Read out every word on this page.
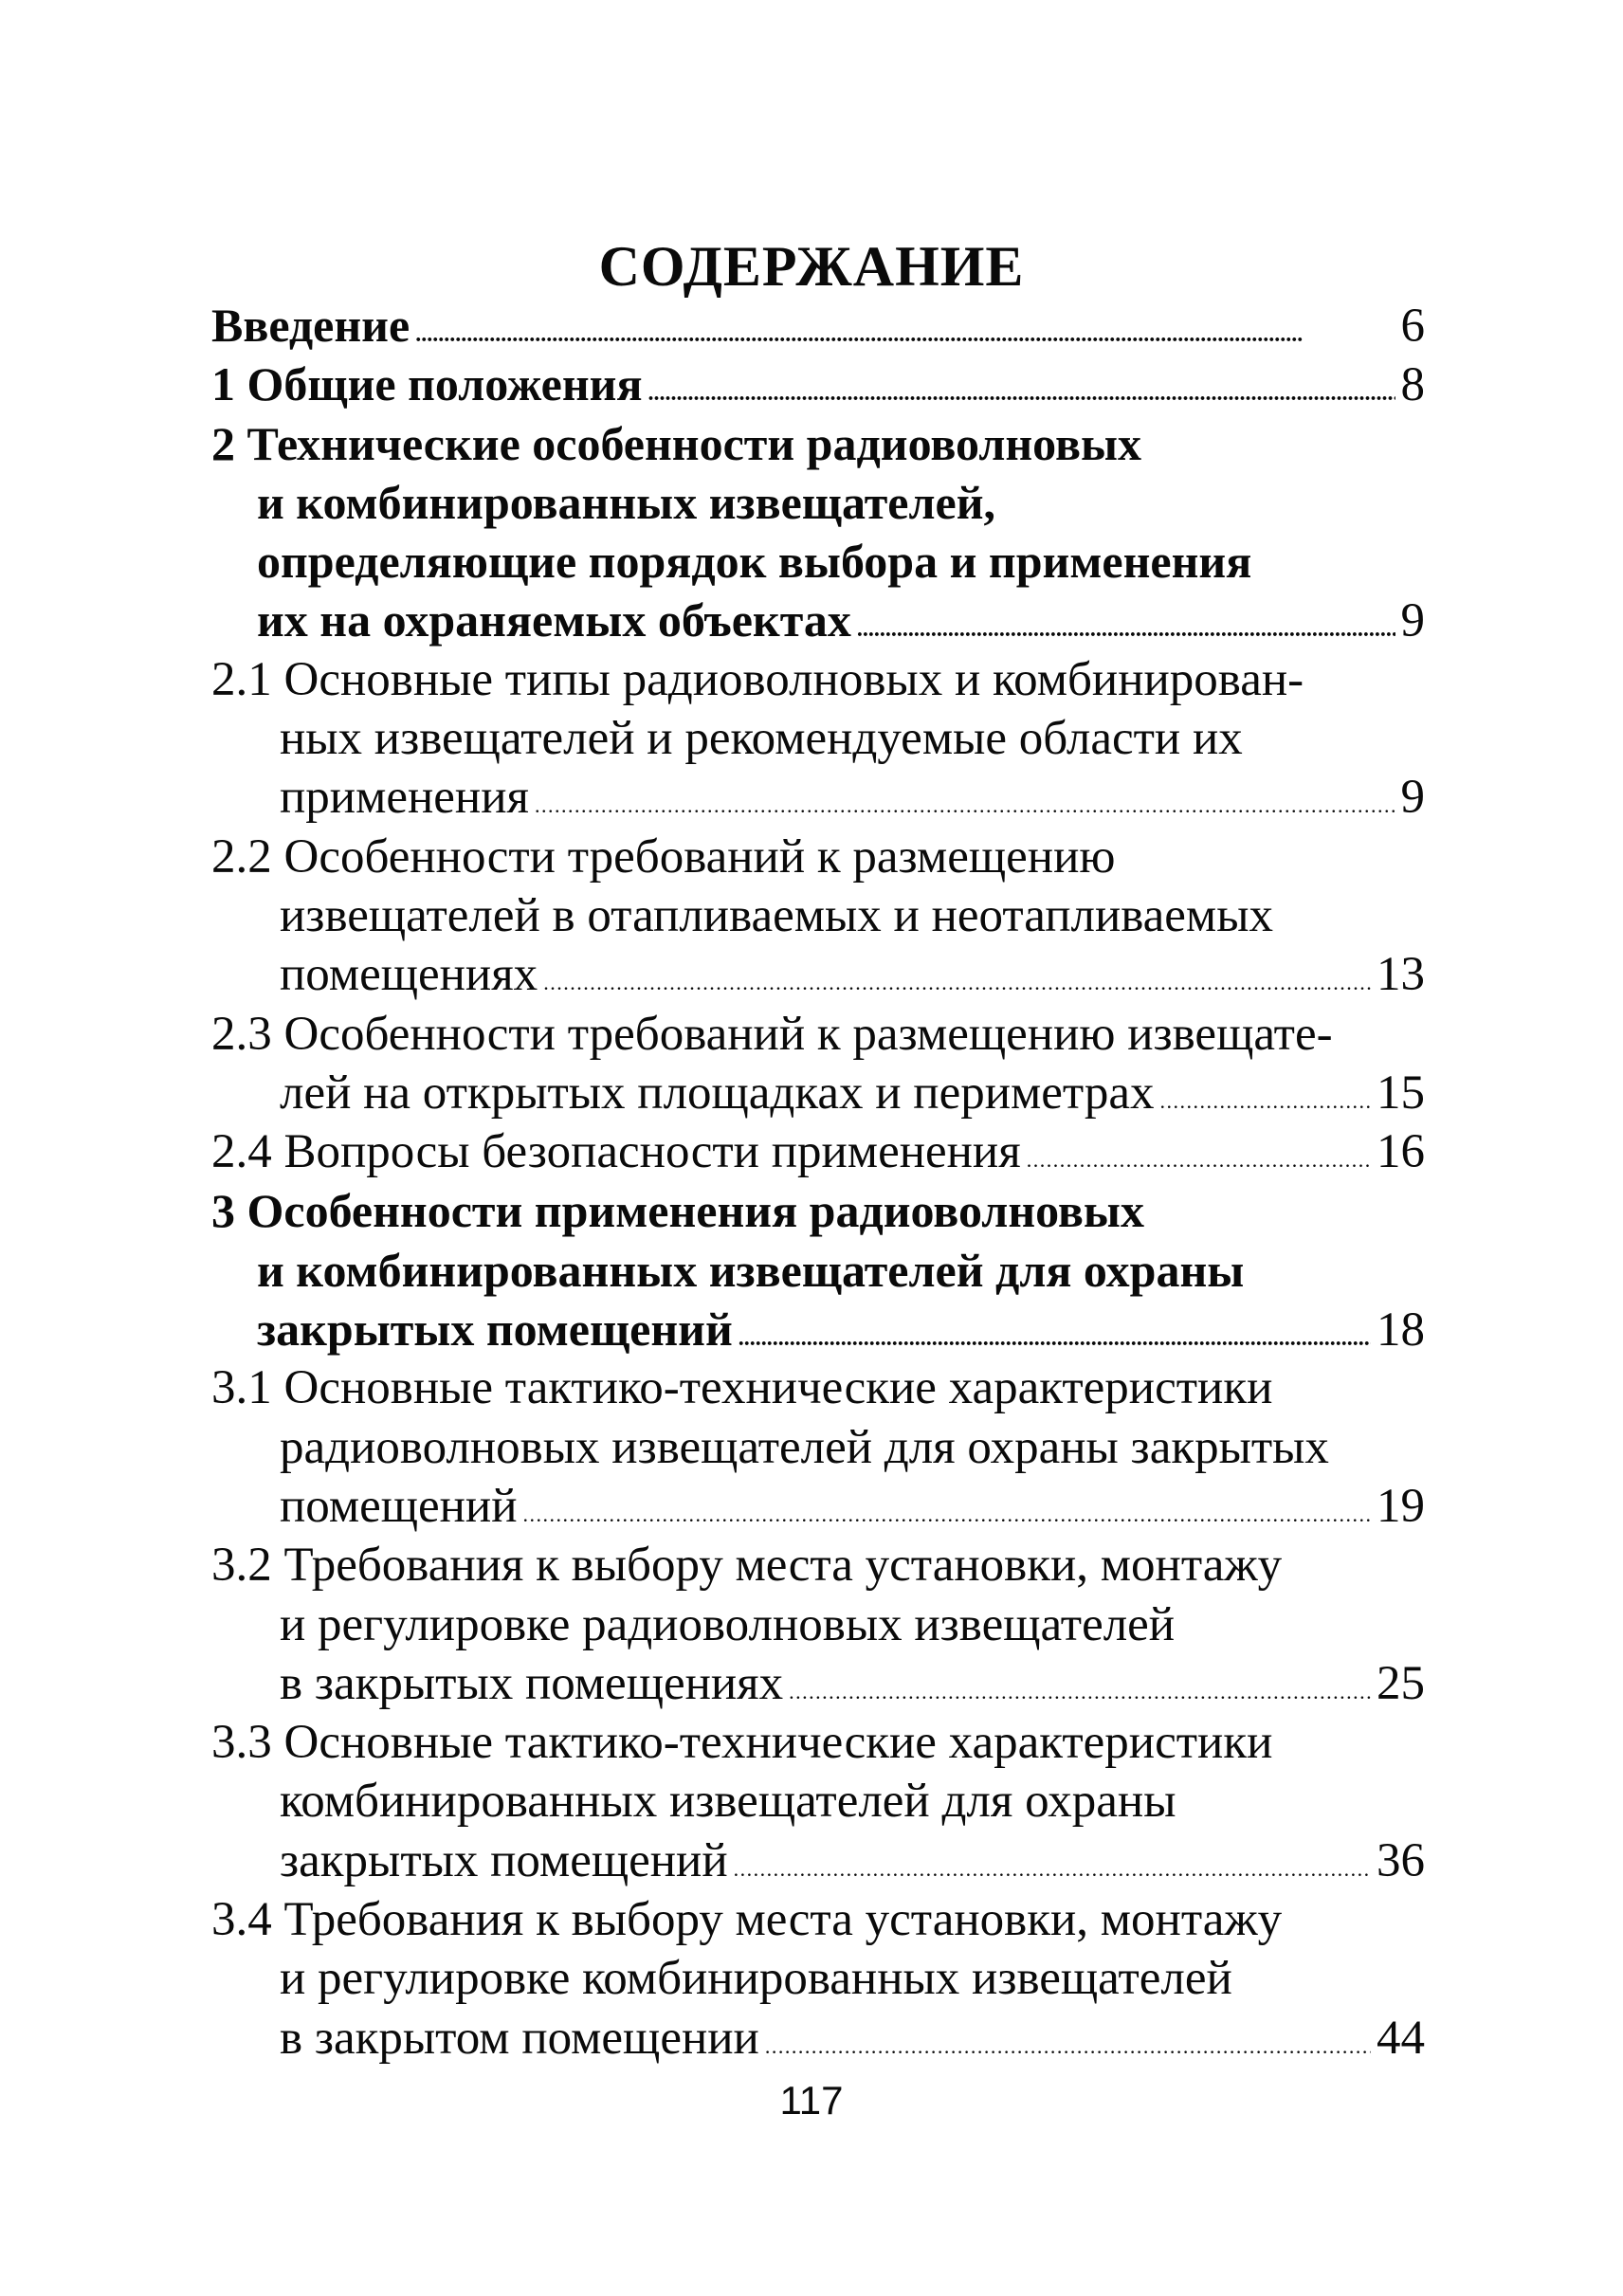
СОДЕРЖАНИЕ
Введение . . .	6
1 Общие положения . . .	8
2 Технические особенности радиоволновых
и комбинированных извещателей,
определяющие порядок выбора и применения
их на охраняемых объектах . . .	9
2.1 Основные типы радиоволновых и комбинирован-
ных извещателей и рекомендуемые области их
применения . . .	9
2.2 Особенности требований к размещению
извещателей в отапливаемых и неотапливаемых
помещениях . . .	13
2.3 Особенности требований к размещению извещате-
лей на открытых площадках и периметрах . . .	15
2.4 Вопросы безопасности применения . . .	16
3 Особенности применения радиоволновых
и комбинированных извещателей для охраны
закрытых помещений . . .	18
3.1 Основные тактико-технические характеристики
радиоволновых извещателей для охраны закрытых
помещений . . .	19
3.2 Требования к выбору места установки, монтажу
и регулировке радиоволновых извещателей
в закрытых помещениях . . .	25
3.3 Основные тактико-технические характеристики
комбинированных извещателей для охраны
закрытых помещений . . .	36
3.4 Требования к выбору места установки, монтажу
и регулировке комбинированных извещателей
в закрытом помещении . . .	44
117
